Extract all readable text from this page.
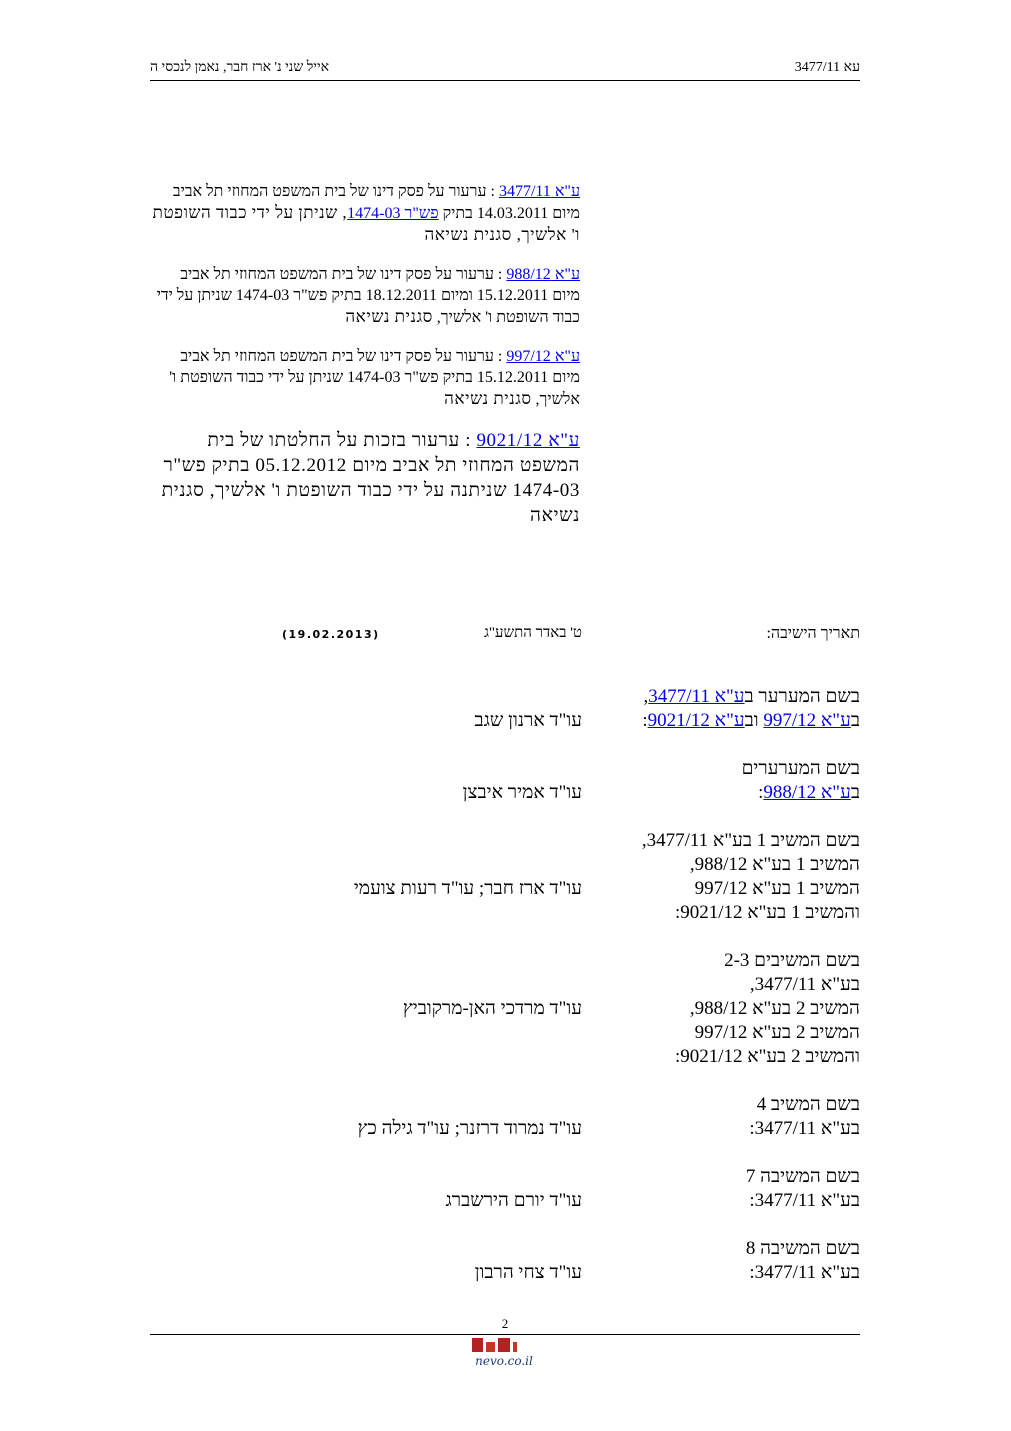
עא 3477/11
אייל שני נ' ארז חבר, נאמן לנכסי ה
ע"א 3477/11 : ערעור על פסק דינו של בית המשפט המחוזי תל אביב מיום 14.03.2011 בתיק פש"ר 1474-03, שניתן על ידי כבוד השופטת ו' אלשיך, סגנית נשיאה
ע"א 988/12 : ערעור על פסק דינו של בית המשפט המחוזי תל אביב מיום 15.12.2011 ומיום 18.12.2011 בתיק פש"ר 1474-03 שניתן על ידי כבוד השופטת ו' אלשיך, סגנית נשיאה
ע"א 997/12 : ערעור על פסק דינו של בית המשפט המחוזי תל אביב מיום 15.12.2011 בתיק פש"ר 1474-03 שניתן על ידי כבוד השופטת ו' אלשיך, סגנית נשיאה
ע"א 9021/12 : ערעור בזכות על החלטתו של בית המשפט המחוזי תל אביב מיום 05.12.2012 בתיק פש"ר 1474-03 שניתנה על ידי כבוד השופטת ו' אלשיך, סגנית נשיאה
תאריך הישיבה:
ט' באדר התשע"ג
(19.02.2013)
בשם המערער בע"א 3477/11,
בע"א 997/12 ובע"א 9021/12:
עו"ד ארנון שגב
בשם המערערים
בע"א 988/12:
עו"ד אמיר איבצן
בשם המשיב 1 בע"א 3477/11,
המשיב 1 בע"א 988/12,
המשיב 1 בע"א 997/12
והמשיב 1 בע"א 9021/12:
עו"ד ארז חבר; עו"ד רעות צועמי
בשם המשיבים 2-3
בע"א 3477/11,
המשיב 2 בע"א 988/12,
המשיב 2 בע"א 997/12
והמשיב 2 בע"א 9021/12:
עו"ד מרדכי האן-מרקוביץ
בשם המשיב 4
בע"א 3477/11:
עו"ד נמרוד דרזנר; עו"ד גילה כץ
בשם המשיבה 7
בע"א 3477/11:
עו"ד יורם הירשברג
בשם המשיבה 8
בע"א 3477/11:
עו"ד צחי הרבון
2
nevo.co.il
